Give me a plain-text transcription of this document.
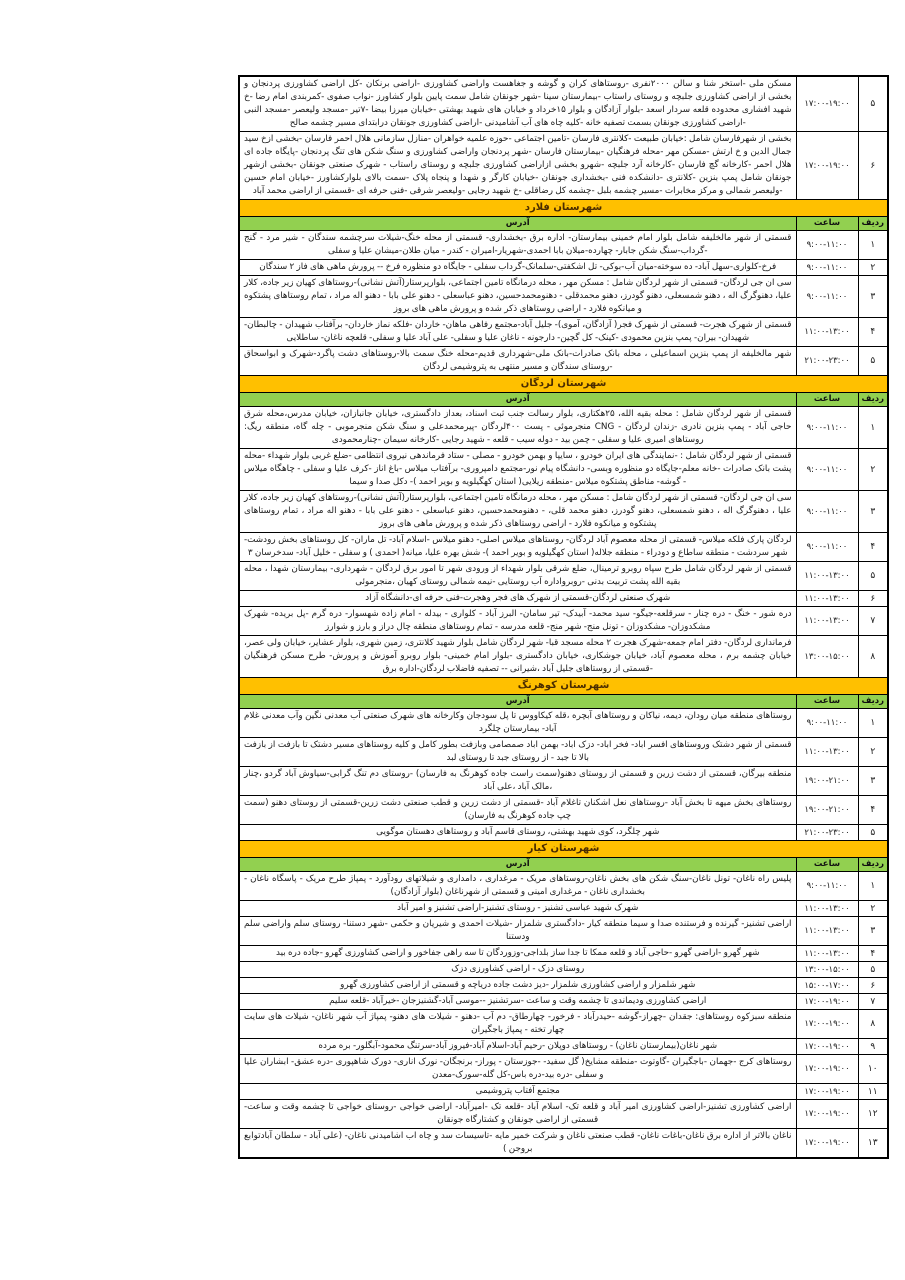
۵	۱۷:۰۰-۱۹:۰۰	مسکن ملی -استخر شنا و سالن ۲۰۰۰نفری -روستاهای کران و گوشه و جغاهست واراضی کشاورزی -اراضی برنکان -کل اراضی کشاورزی پردنجان و بخشی از اراضی کشاورزی جلبچه و روستای راستاب -بیمارستان سینا -شهر جونقان شامل سمت پایین بلوار کشاورز -نواب صفوی -کمربندی امام رضا -خ شهید افشاری محدوده قلعه سردار اسعد -بلوار آزادگان و بلوار ۱۵خرداد و خیابان های شهید بهشتی -خیابان میرزا بیضا -۷تیر -مسجد ولیعصر -مسجد النبی -اراضی کشاورزی جونقان بسمت تصفیه خانه -کلیه چاه های آب آشامیدنی -اراضی کشاورزی جونقان درابتدای مسیر چشمه صالح
۶	۱۷:۰۰-۱۹:۰۰	بخشی از شهرفارسان شامل :خیابان طبیعت -کلانتری فارسان -تامین اجتماعی -حوزه علمیه خواهران -منازل سازمانی هلال احمر فارسان -بخشی ازخ سید جمال الدین و خ ارتش -مسکن مهر -محله فرهنگیان -بیمارستان فارسان -شهر پردنجان واراضی کشاورزی و سنگ شکن های تنگ پردنجان -پایگاه جاده ای هلال احمر -کارخانه گچ فارسان -کارخانه آرد جلبچه -شهرو بخشی ازاراضی کشاورزی جلبچه و روستای راستاب - شهرک صنعتی جونقان -بخشی ازشهر جونقان شامل پمپ بنزین -کلانتری -دانشکده فنی -بخشداری جونقان -خیابان کارگر و شهدا و پنجاه پلاک -سمت بالای بلوارکشاورز -خیابان امام حسین -ولیعصر شمالی و مرکز مخابرات -مسیر چشمه بلبل -چشمه کل رضاقلی -خ شهید رجایی -ولیعصر شرقی -فنی حرفه ای -قسمتی از اراضی محمد آباد
شهرستان فلارد		
ردیف	ساعت	آدرس
۱	۹:۰۰-۱۱:۰۰	قسمتی از شهر مالخلیفه شامل بلوار امام خمینی بیمارستان- اداره برق -بخشداری- قسمتی از محله خنگ-شیلات سرچشمه سندگان - شیر مرد - گنج -گرداب-سنگ شکن جابار- چهارده-میلان بابا احمدی-شهریار-امیران - کندر - میان طلان-میشان علیا و سفلی
۲	۹:۰۰-۱۱:۰۰	فرخ-کلواری-سهل آباد- ده سوخته-میان آب-بوکی- تل اشکفتی-سلمانک-گرداب سفلی - جایگاه دو منظوره فرخ -- پرورش ماهی های فاز ۲ سندگان
۳	۹:۰۰-۱۱:۰۰	سی ان جی لردگان- قسمتی از شهر لردگان شامل : مسکن مهر ، محله درمانگاه تامین اجتماعی، بلوارپرستار(آتش نشانی)-روستاهای کهیان زیر جاده، کلار علیا، دهنوگرگ اله ، دهنو شمسعلی، دهنو گودرز، دهنو محمدقلی - دهنومحمدحسین، دهنو عباسعلی - دهنو علی بابا - دهنو اله مراد ، تمام روستاهای پشتکوه و میانکوه فلارد - اراضی روستاهای ذکر شده و پرورش ماهی های بروز
۴	۱۱:۰۰-۱۳:۰۰	قسمتی از شهرک هجرت- قسمتی از شهرک فجر( آزادگان، آموی)- جلیل آباد-مجتمع رفاهی ماهان- خاردان -فلکه نماز خاردان- برآفتاب شهیدان - چالبطان-شهیدان- بیران- پمپ بنزین محمودی -کینک- کل گچین- دارجونه - ناغان علیا و سفلی- علی آباد علیا و سفلی- قلعچه ناغان- ساطلایی
۵	۲۱:۰۰-۲۳:۰۰	شهر مالخلیفه از پمپ بنزین اسماعیلی ، محله بانک صادرات-بانک ملی-شهرداری قدیم-محله خنگ سمت بالا-روستاهای دشت پاگرد-شهرک و ابواسحاق -روستای سندگان و مسیر منتهی به پتروشیمی لردگان
شهرستان لردگان		
ردیف	ساعت	آدرس
۱	۹:۰۰-۱۱:۰۰	قسمتی از شهر لردگان شامل : محله بقیه الله، ۲۵هکتاری، بلوار رسالت جنب ثبت اسناد، بعداز دادگستری، خیابان جانبازان، خیابان مدرس،محله شرق حاجی آباد - پمپ بنزین نادری -زندان لردگان - CNG منجرموئی - پست ۴۰۰لردگان -پیرمحمدعلی و سنگ شکن منجرموبی - چله گاه، منطقه ریگ: روستاهای امیری علیا و سفلی - چمن بید - دوله سیب - قلعه - شهید رجایی -کارخانه سیمان -چنارمحمودی
۲	۹:۰۰-۱۱:۰۰	قسمتی از شهر لردگان شامل : -نمایندگی های ایران خودرو ، سایپا و بهمن خودرو - مصلی - ستاد فرماندهی نیروی انتظامی -ضلع غربی بلوار شهداء -محله پشت بانک صادرات -خانه معلم-جایگاه دو منظوره وبسی- دانشگاه پیام نور-مجتمع دامپروری- برآفتاب میلاس -باغ اناز -کرف علیا و سفلی - چاهگاه میلاس - گوشه- مناطق پشتکوه میلاس -منطقه زیلایی( استان کهگیلویه و بویر احمد )- دکل صدا و سیما
۳	۹:۰۰-۱۱:۰۰	سی ان جی لردگان- قسمتی از شهر لردگان شامل : مسکن مهر ، محله درمانگاه تامین اجتماعی، بلوارپرستار(آتش نشانی)-روستاهای کهیان زیر جاده، کلار علیا ، دهنوگرگ اله ، دهنو شمسعلی، دهنو گودرز، دهنو محمد قلی، - دهنومحمدحسین، دهنو عباسعلی - دهنو علی بابا - دهنو اله مراد ، تمام روستاهای پشتکوه و میانکوه فلارد - اراضی روستاهای ذکر شده و پرورش ماهی های بروز
۴	۹:۰۰-۱۱:۰۰	لردگان پارک فلکه میلاس- قسمتی از محله معصوم آباد لردگان- روستاهای میلاس اصلی- دهنو میلاس -اسلام آباد- تل ماران- کل روستاهای بخش رودشت- شهر سردشت - منطقه ساطاع و دودراء - منطقه جلاله( استان کهگیلویه و بویر احمد )- شش بهره علیا، میانه( احمدی ) و سفلی - خلیل آباد- سدخرسان ۳
۵	۱۱:۰۰-۱۳:۰۰	قسمتی از شهر لردگان شامل طرح سپاه روبرو ترمینال، ضلع شرقی بلوار شهداء از ورودی شهر تا امور برق لردگان - شهرداری- بیمارستان شهدا ، محله بقیه الله پشت تربیت بدنی -روبرواداره آب روستایی -نیمه شمالی روستای کهیان ،منجرموئی
۶	۱۱:۰۰-۱۳:۰۰	شهرک صنعتی لردگان-قسمتی از شهرک های فجر وهجرت-فنی حرفه ای-دانشگاه آزاد
۷	۱۱:۰۰-۱۳:۰۰	دره شور - خنگ - دره چنار - سرقلعه-جیگو- سید محمد- آبیدک- تیر سامان- البرز آباد - کلواری - بیدله - امام زاده شهسوار- دره گرم -پل بریده- شهرک مشکدوزان- مشکدوزان - تونل منج- شهر منج- قلعه مدرسه - تمام روستاهای منطقه چال دراز و بارز و شوارز
۸	۱۳:۰۰-۱۵:۰۰	فرمانداری لردگان- دفتر امام جمعه-شهرک هجرت ۲ محله مسجد قبا- شهر لردگان شامل بلوار شهید کلانتری، زمین شهری، بلوار عشایر، خیابان ولی عصر، خیابان چشمه برم ، محله معصوم آباد، خیابان جوشکاری، خیابان دادگستری -بلوار امام خمینی- بلوار روبرو آموزش و پرورش- طرح مسکن فرهنگیان -قسمتی از روستاهای جلیل آباد ،شیرانی -- تصفیه فاضلاب لردگان-اداره برق
شهرستان کوهرنگ		
ردیف	ساعت	آدرس
۱	۹:۰۰-۱۱:۰۰	روستاهای منطقه میان رودان، دیمه، نیاکان و روستاهای آبچره ،قله کیکاووس تا پل سودجان وکارخانه های شهرک صنعتی آب معدنی نگین وآب معدنی غلام آباد- بیمارستان چلگرد
۲	۱۱:۰۰-۱۳:۰۰	قسمتی از شهر دشتک وروستاهای افسر اباد- فخر اباد- دزک اباد- بهمن اباد صمصامی وبازفت بطور کامل و کلیه روستاهای مسیر دشتک تا بازفت از بازفت بالا تا جبد - از روستای جبد تا روستای لبد
۳	۱۹:۰۰-۲۱:۰۰	منطقه بیرگان، قسمتی از دشت زرین و قسمتی از روستای دهنو(سمت راست جاده کوهرنگ به فارسان) -روستای دم تنگ گرابی-سیاوش آباد گردو ،چنار ،مالک آباد ،علی آباد
۴	۱۹:۰۰-۲۱:۰۰	روستاهای بخش میهه تا بخش آباد -روستاهای نعل اشکنان تاغلام آباد -قسمتی از دشت زرین و قطب صنعتی دشت زرین-قسمتی از روستای دهنو (سمت چپ جاده کوهرنگ به فارسان)
۵	۲۱:۰۰-۲۳:۰۰	شهر چلگرد، کوی شهید بهشتی، روستای قاسم آباد و روستاهای دهستان موگویی
شهرستان کیار		
ردیف	ساعت	آدرس
۱	۹:۰۰-۱۱:۰۰	پلیس راه ناغان- تونل ناغان-سنگ شکن های بخش ناغان-روستاهای مریک - مرغداری ، دامداری و شیلاتهای رودآورد - پمپاژ طرح مریک - پاسگاه ناغان - بخشداری ناغان - مرغداری امینی و قسمتی از شهرناغان (بلوار آزادگان)
۲	۱۱:۰۰-۱۳:۰۰	شهرک شهید عباسی تشنیز - روستای تشنیز-اراضی تشنیز و امیر آباد
۳	۱۱:۰۰-۱۳:۰۰	اراضی تشنیز- گیرنده و فرستنده صدا و سیما منطقه کیار -دادگستری شلمزار -شیلات احمدی و شیریان و حکمی -شهر دستنا- روستای سلم واراضی سلم ودستنا
۴	۱۱:۰۰-۱۳:۰۰	شهر گهرو -اراضی گهرو -حاجی آباد و قلعه ممکا تا جدا ساز بلداجی-وزوردگان تا سه راهی جفاخور و اراضی کشاورزی گهرو -جاده دره بید
۵	۱۳:۰۰-۱۵:۰۰	روستای دزک - اراضی کشاورزی دزک
۶	۱۵:۰۰-۱۷:۰۰	شهر شلمزار و اراضی کشاورزی شلمزار -دیز دشت جاده دریاچه و قسمتی از اراضی کشاورزی گهرو
۷	۱۷:۰۰-۱۹:۰۰	اراضی کشاورزی ودیماندی تا چشمه وقت و ساعت -سرتشنیز --موسی آباد-گشنیزجان -خیرآباد -قلعه سلیم
۸	۱۷:۰۰-۱۹:۰۰	منطقه سبزکوه روستاهای: جقدان -چهراز-گوشه -حیدرآباد - فرخور- چهارطاق- دم آب -دهنو - شیلات های دهنو- پمپاژ آب شهر ناغان- شیلات های سایت چهار تخته - پمپاژ باجگیران
۹	۱۷:۰۰-۱۹:۰۰	شهر ناغان(بیمارستان ناغان) - روستاهای دوپلان -رحیم آباد-اسلام آباد-فیروز آباد-سرتنگ محمود-آبگلور- بره مرده
۱۰	۱۷:۰۰-۱۹:۰۰	روستاهای کرج -جهمان -باجگیران -گاوتوت -منطقه مشایخ( گل سفید- -جوزستان - پوراز- برنجگان- نورک اناری- دورک شاهپوری -دره عشق- ابشاران علیا و سفلی -دره بید-دره باس-کل گله-سورک-معدن
۱۱	۱۷:۰۰-۱۹:۰۰	مجتمع آفتاب پتروشیمی
۱۲	۱۷:۰۰-۱۹:۰۰	اراضی کشاورزی تشنیز-اراضی کشاورزی امیر آباد و قلعه تک- اسلام آباد -قلعه تک -امیرآباد- اراضی خواجی -روستای خواجی تا چشمه وقت و ساعت- قسمتی از اراضی جونقان و کشتارگاه جونقان
۱۳	۱۷:۰۰-۱۹:۰۰	ناغان بالاتر از اداره برق ناغان-باغات ناغان- قطب صنعتی ناغان و شرکت خمیر مایه -تاسیسات سد و چاه اب اشامیدنی ناغان- (علی آباد - سلطان آبادتوابع بروجن )
